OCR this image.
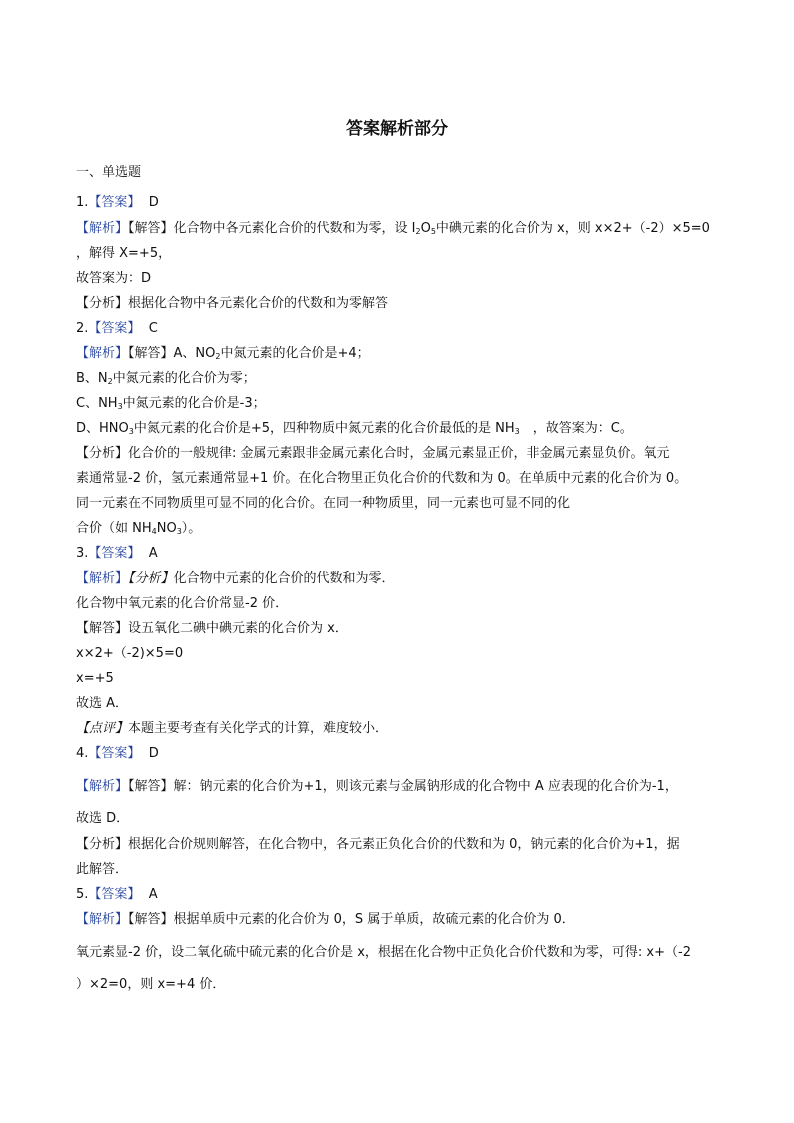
答案解析部分
一、单选题
1.【答案】 D
【解析】【解答】化合物中各元素化合价的代数和为零，设 $I_2O_5$中碘元素的化合价为 x，则 x×2+（-2）×5=0
，解得 X=+5，
故答案为：D
【分析】根据化合物中各元素化合价的代数和为零解答
2.【答案】 C
【解析】【解答】A、$NO_2$中氮元素的化合价是+4；
B、$N_2$中氮元素的化合价为零；
C、$NH_3$中氮元素的化合价是-3；
D、$HNO_3$中氮元素的化合价是+5，四种物质中氮元素的化合价最低的是 $NH_3$　，故答案为：C。
【分析】化合价的一般规律: 金属元素跟非金属元素化合时，金属元素显正价，非金属元素显负价。氧元
素通常显-2 价，氢元素通常显+1 价。在化合物里正负化合价的代数和为 0。在单质中元素的化合价为 0。
同一元素在不同物质里可显不同的化合价。在同一种物质里，同一元素也可显不同的化
合价（如 $NH_4NO_3$）。
3.【答案】 A
【解析】【分析】化合物中元素的化合价的代数和为零．
化合物中氧元素的化合价常显-2 价．
【解答】设五氧化二碘中碘元素的化合价为 x．
x×2+（-2)×5=0
x=+5
故选 A．
【点评】本题主要考查有关化学式的计算，难度较小．
4.【答案】 D
【解析】【解答】解：钠元素的化合价为+1，则该元素与金属钠形成的化合物中 A 应表现的化合价为-1，
故选 D．
【分析】根据化合价规则解答，在化合物中，各元素正负化合价的代数和为 0，钠元素的化合价为+1，据
此解答．
5.【答案】 A
【解析】【解答】根据单质中元素的化合价为 0，S 属于单质，故硫元素的化合价为 0．
氧元素显-2 价，设二氧化硫中硫元素的化合价是 x，根据在化合物中正负化合价代数和为零，可得: x+（-2
）×2=0，则 x=+4 价．
